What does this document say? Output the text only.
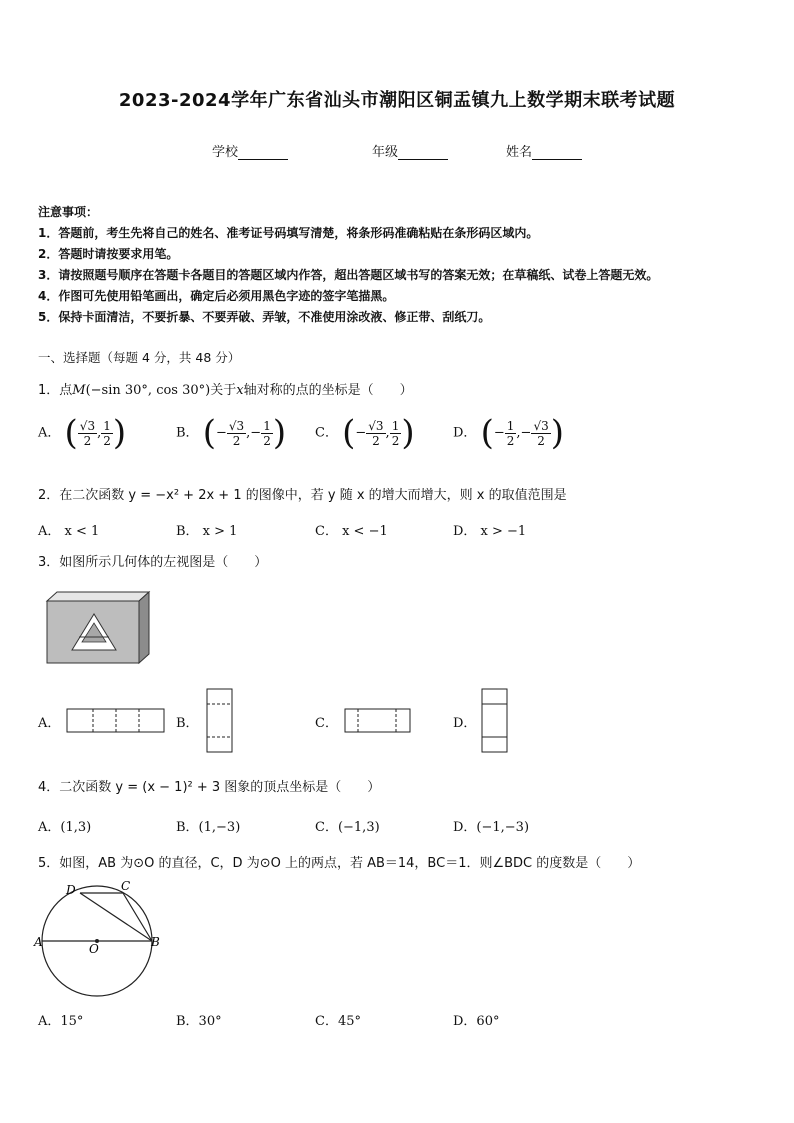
2023-2024学年广东省汕头市潮阳区铜盂镇九上数学期末联考试题
学校	年级	姓名
注意事项：
1．答题前，考生先将自己的姓名、准考证号码填写清楚，将条形码准确粘贴在条形码区域内。
2．答题时请按要求用笔。
3．请按照题号顺序在答题卡各题目的答题区域内作答，超出答题区域书写的答案无效；在草稿纸、试卷上答题无效。
4．作图可先使用铅笔画出，确定后必须用黑色字迹的签字笔描黑。
5．保持卡面清洁，不要折暴、不要弄破、弄皱，不准使用涂改液、修正带、刮纸刀。
一、选择题（每题 4 分，共 48 分）
1．点M(−sin 30°, cos 30°)关于x轴对称的点的坐标是（　　）
A． ( $\frac{√3}{2}$ , $\frac{1}{2}$ )	B． (− $\frac{√3}{2}$ ,− $\frac{1}{2}$ ) C． (− $\frac{√3}{2}$ , $\frac{1}{2}$ )	D． (− $\frac{1}{2}$ ,− $\frac{√3}{2}$ )
2．在二次函数 y = −x² + 2x + 1 的图像中，若 y 随 x 的增大而增大，则 x 的取值范围是
A． x < 1	B． x > 1	C． x < −1	D． x > −1
3．如图所示几何体的左视图是（　　）
A．	B．	C．	D．
4．二次函数 y = (x − 1)² + 3 图象的顶点坐标是（　　）
A．(1,3)	B．(1,−3)	C．(−1,3)	D．(−1,−3)
5．如图，AB 为⊙O 的直径，C，D 为⊙O 上的两点，若 AB＝14，BC＝1．则∠BDC 的度数是（　　）
D	C
A	B
O
A．15°	B．30°	C．45°	D．60°
